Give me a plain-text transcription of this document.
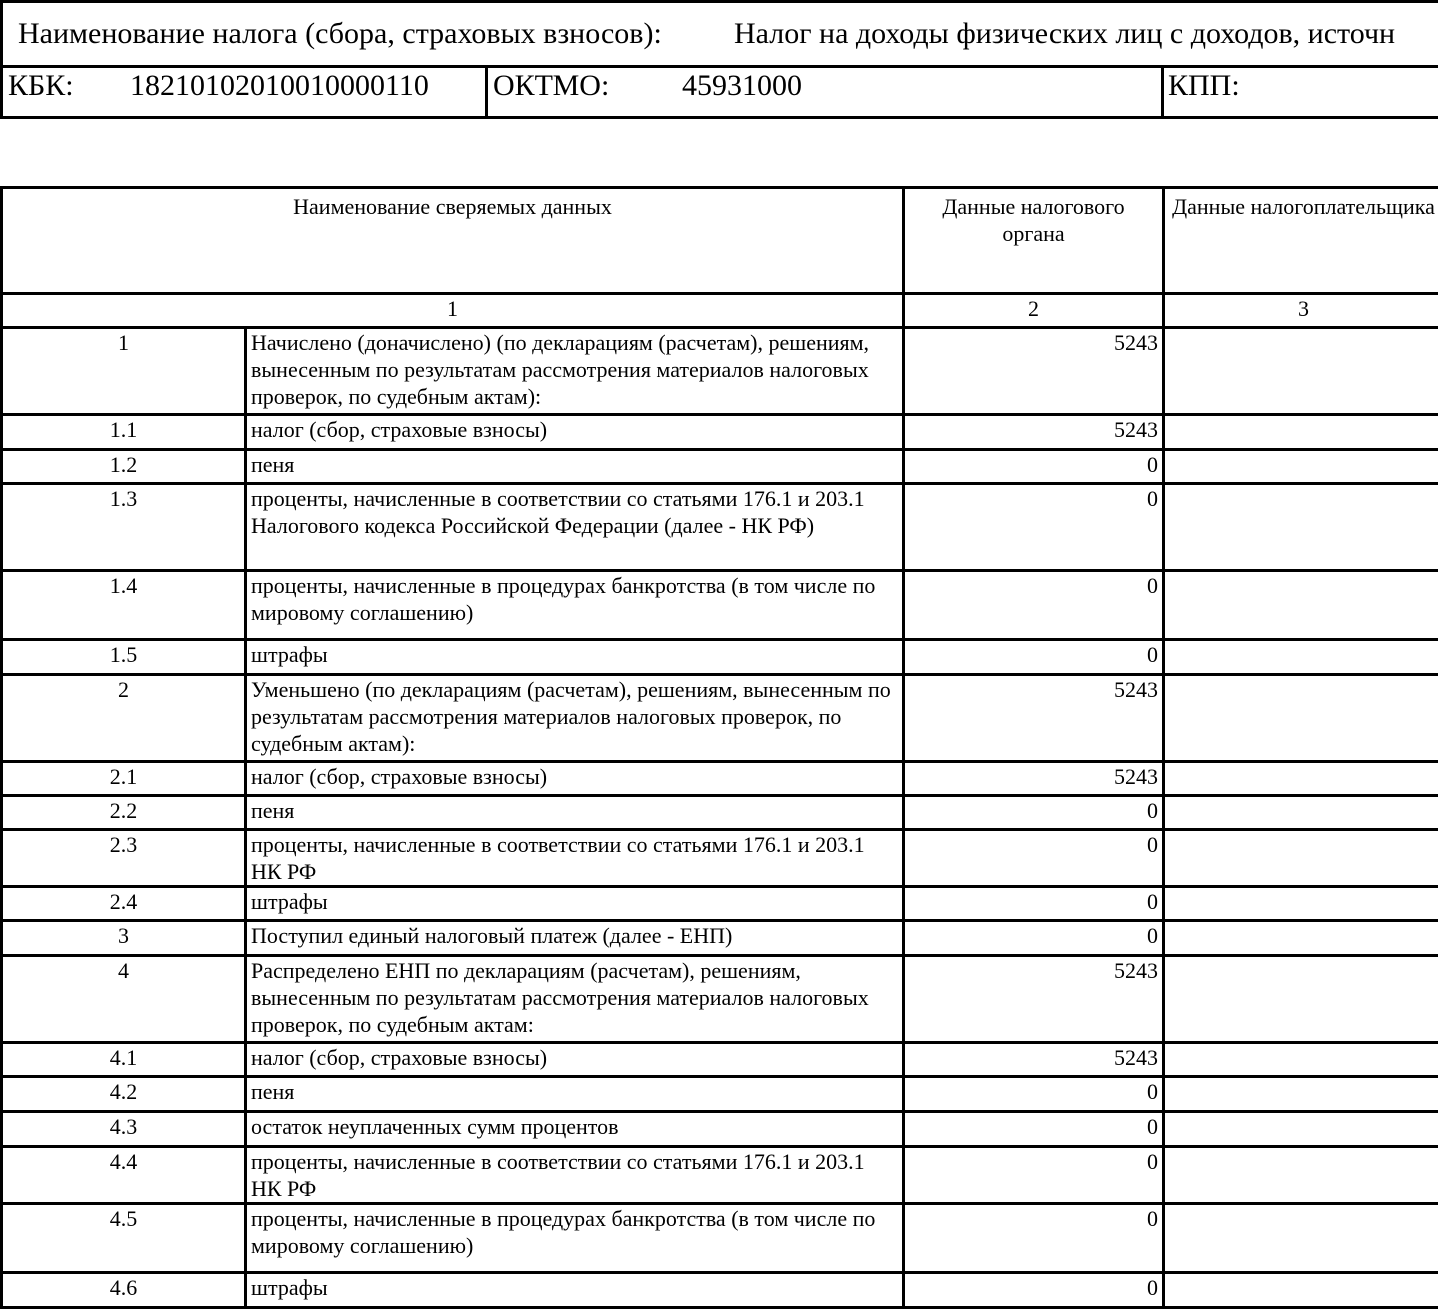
Наименование налога (сбора, страховых взносов): Налог на доходы физических лиц с доходов, источн
КБК: 18210102010010000110 ОКТМО: 45931000	КПП:
Наименование сверяемых данных		Данные налогового органа	Данные налогоплательщика
1		2	3
1	Начислено (доначислено) (по декларациям (расчетам), решениям, вынесенным по результатам рассмотрения материалов налоговых проверок, по судебным актам):	5243	
1.1	налог (сбор, страховые взносы)	5243	
1.2	пеня	0	
1.3	проценты, начисленные в соответствии со статьями 176.1 и 203.1 Налогового кодекса Российской Федерации (далее - НК РФ)	0	
1.4	проценты, начисленные в процедурах банкротства (в том числе по мировому соглашению)	0	
1.5	штрафы	0	
2	Уменьшено (по декларациям (расчетам), решениям, вынесенным по результатам рассмотрения материалов налоговых проверок, по судебным актам):	5243	
2.1	налог (сбор, страховые взносы)	5243	
2.2	пеня	0	
2.3	проценты, начисленные в соответствии со статьями 176.1 и 203.1 НК РФ	0	
2.4	штрафы	0	
3	Поступил единый налоговый платеж (далее - ЕНП)	0	
4	Распределено ЕНП по декларациям (расчетам), решениям, вынесенным по результатам рассмотрения материалов налоговых проверок, по судебным актам:	5243	
4.1	налог (сбор, страховые взносы)	5243	
4.2	пеня	0	
4.3	остаток неуплаченных сумм процентов	0	
4.4	проценты, начисленные в соответствии со статьями 176.1 и 203.1 НК РФ	0	
4.5	проценты, начисленные в процедурах банкротства (в том числе по мировому соглашению)	0	
4.6	штрафы	0	
